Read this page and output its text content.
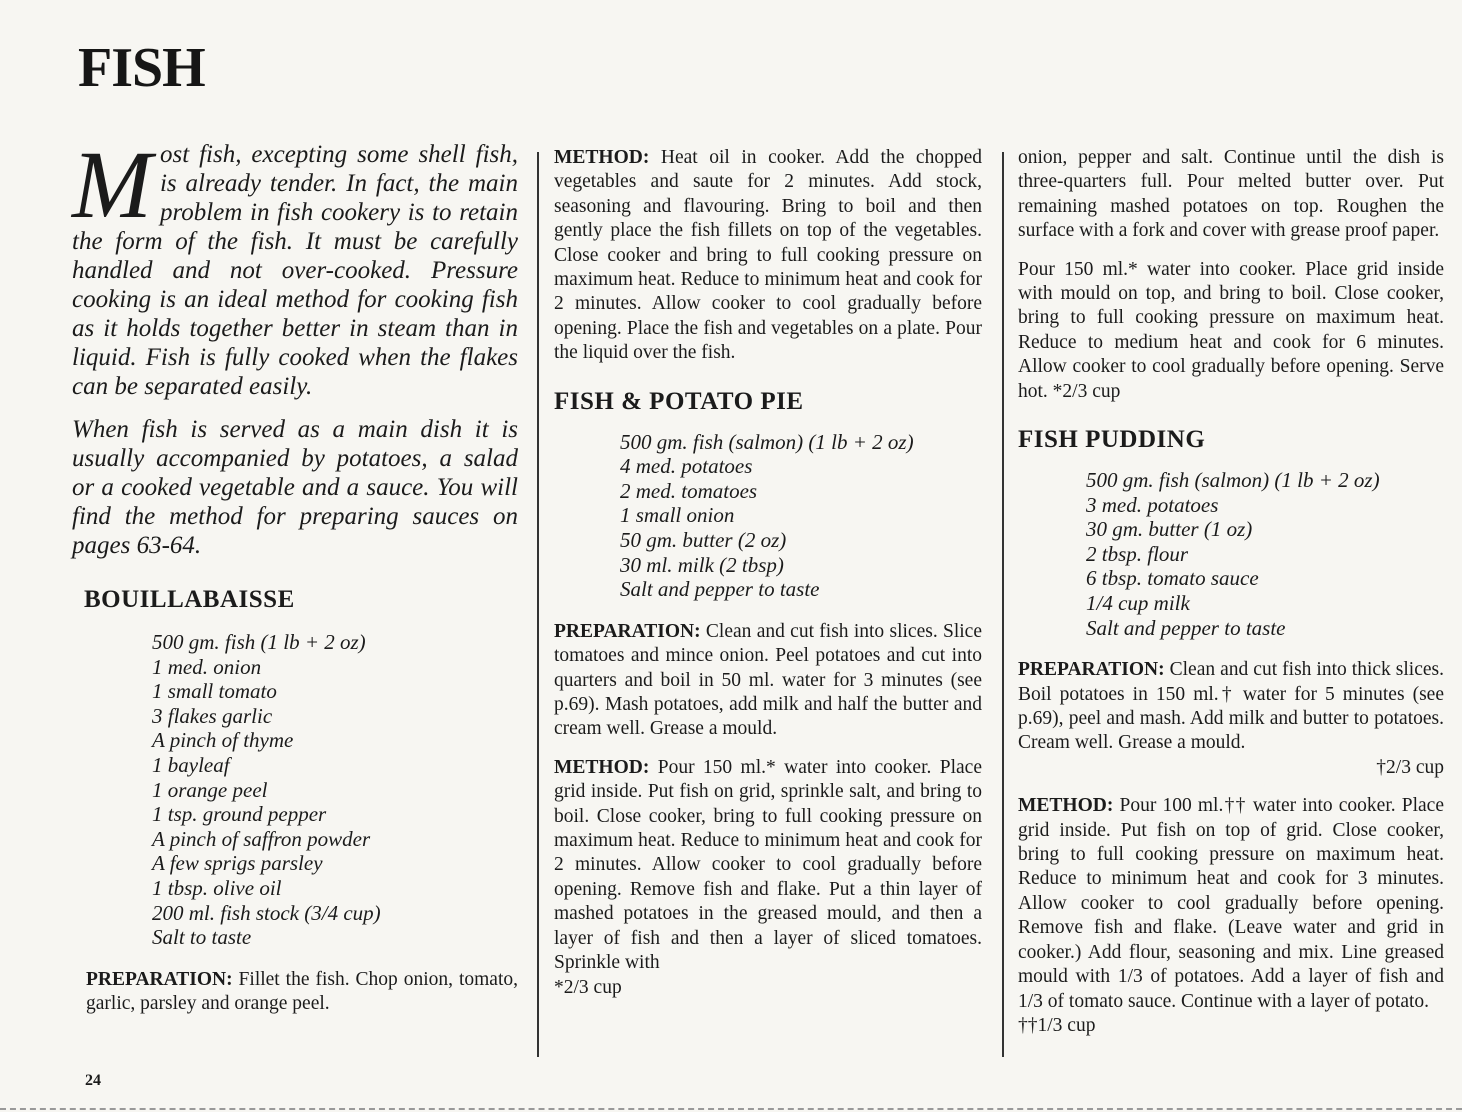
FISH

Most fish, excepting some shell fish, is already tender. In fact, the main problem in fish cookery is to retain the form of the fish. It must be carefully handled and not over-cooked. Pressure cooking is an ideal method for cooking fish as it holds together better in steam than in liquid. Fish is fully cooked when the flakes can be separated easily.

When fish is served as a main dish it is usually accompanied by potatoes, a salad or a cooked vegetable and a sauce. You will find the method for preparing sauces on pages 63-64.

BOUILLABAISSE
500 gm. fish (1 lb + 2 oz)
1 med. onion
1 small tomato
3 flakes garlic
A pinch of thyme
1 bayleaf
1 orange peel
1 tsp. ground pepper
A pinch of saffron powder
A few sprigs parsley
1 tbsp. olive oil
200 ml. fish stock (3/4 cup)
Salt to taste

PREPARATION: Fillet the fish. Chop onion, tomato, garlic, parsley and orange peel.

METHOD: Heat oil in cooker. Add the chopped vegetables and saute for 2 minutes. Add stock, seasoning and flavouring. Bring to boil and then gently place the fish fillets on top of the vegetables. Close cooker and bring to full cooking pressure on maximum heat. Reduce to minimum heat and cook for 2 minutes. Allow cooker to cool gradually before opening. Place the fish and vegetables on a plate. Pour the liquid over the fish.

FISH & POTATO PIE
500 gm. fish (salmon) (1 lb + 2 oz)
4 med. potatoes
2 med. tomatoes
1 small onion
50 gm. butter (2 oz)
30 ml. milk (2 tbsp)
Salt and pepper to taste

PREPARATION: Clean and cut fish into slices. Slice tomatoes and mince onion. Peel potatoes and cut into quarters and boil in 50 ml. water for 3 minutes (see p.69). Mash potatoes, add milk and half the butter and cream well. Grease a mould.

METHOD: Pour 150 ml.* water into cooker. Place grid inside. Put fish on grid, sprinkle salt, and bring to boil. Close cooker, bring to full cooking pressure on maximum heat. Reduce to minimum heat and cook for 2 minutes. Allow cooker to cool gradually before opening. Remove fish and flake. Put a thin layer of mashed potatoes in the greased mould, and then a layer of fish and then a layer of sliced tomatoes. Sprinkle with
*2/3 cup

onion, pepper and salt. Continue until the dish is three-quarters full. Pour melted butter over. Put remaining mashed potatoes on top. Roughen the surface with a fork and cover with grease proof paper.

Pour 150 ml.* water into cooker. Place grid inside with mould on top, and bring to boil. Close cooker, bring to full cooking pressure on maximum heat. Reduce to medium heat and cook for 6 minutes. Allow cooker to cool gradually before opening. Serve hot. *2/3 cup

FISH PUDDING
500 gm. fish (salmon) (1 lb + 2 oz)
3 med. potatoes
30 gm. butter (1 oz)
2 tbsp. flour
6 tbsp. tomato sauce
1/4 cup milk
Salt and pepper to taste

PREPARATION: Clean and cut fish into thick slices. Boil potatoes in 150 ml.† water for 5 minutes (see p.69), peel and mash. Add milk and butter to potatoes. Cream well. Grease a mould.
†2/3 cup

METHOD: Pour 100 ml.†† water into cooker. Place grid inside. Put fish on top of grid. Close cooker, bring to full cooking pressure on maximum heat. Reduce to minimum heat and cook for 3 minutes. Allow cooker to cool gradually before opening. Remove fish and flake. (Leave water and grid in cooker.) Add flour, seasoning and mix. Line greased mould with 1/3 of potatoes. Add a layer of fish and 1/3 of tomato sauce. Continue with a layer of potato.
††1/3 cup

24
